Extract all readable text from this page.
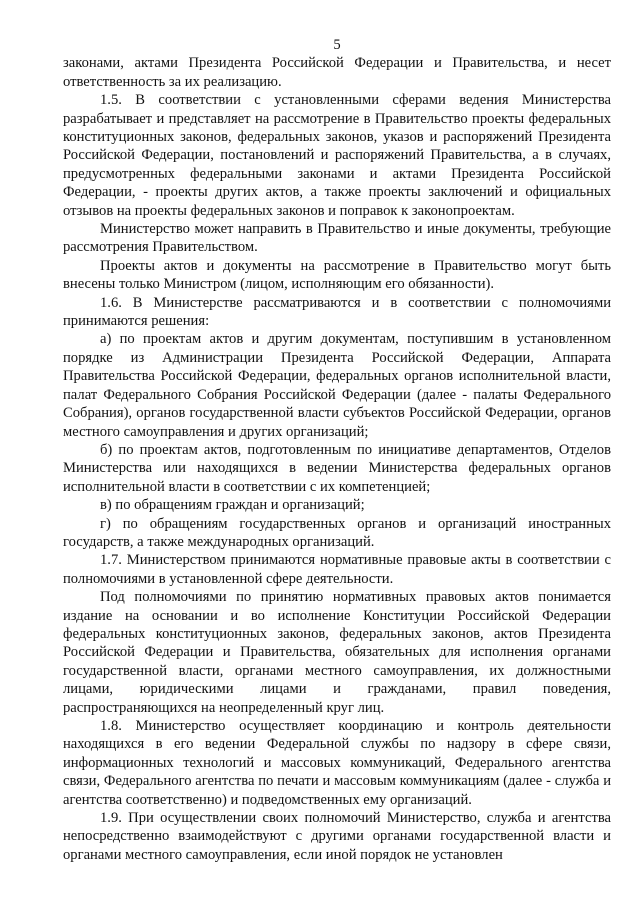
5

законами, актами Президента Российской Федерации и Правительства, и несет ответственность за их реализацию.

1.5. В соответствии с установленными сферами ведения Министерства разрабатывает и представляет на рассмотрение в Правительство проекты федеральных конституционных законов, федеральных законов, указов и распоряжений Президента Российской Федерации, постановлений и распоряжений Правительства, а в случаях, предусмотренных федеральными законами и актами Президента Российской Федерации, - проекты других актов, а также проекты заключений и официальных отзывов на проекты федеральных законов и поправок к законопроектам.

Министерство может направить в Правительство и иные документы, требующие рассмотрения Правительством.

Проекты актов и документы на рассмотрение в Правительство могут быть внесены только Министром (лицом, исполняющим его обязанности).

1.6. В Министерстве рассматриваются и в соответствии с полномочиями принимаются решения:

а) по проектам актов и другим документам, поступившим в установленном порядке из Администрации Президента Российской Федерации, Аппарата Правительства Российской Федерации, федеральных органов исполнительной власти, палат Федерального Собрания Российской Федерации (далее - палаты Федерального Собрания), органов государственной власти субъектов Российской Федерации, органов местного самоуправления и других организаций;

б) по проектам актов, подготовленным по инициативе департаментов, Отделов Министерства или находящихся в ведении Министерства федеральных органов исполнительной власти в соответствии с их компетенцией;

в) по обращениям граждан и организаций;

г) по обращениям государственных органов и организаций иностранных государств, а также международных организаций.

1.7. Министерством принимаются нормативные правовые акты в соответствии с полномочиями в установленной сфере деятельности.

Под полномочиями по принятию нормативных правовых актов понимается издание на основании и во исполнение Конституции Российской Федерации федеральных конституционных законов, федеральных законов, актов Президента Российской Федерации и Правительства, обязательных для исполнения органами государственной власти, органами местного самоуправления, их должностными лицами, юридическими лицами и гражданами, правил поведения, распространяющихся на неопределенный круг лиц.

1.8. Министерство осуществляет координацию и контроль деятельности находящихся в его ведении Федеральной службы по надзору в сфере связи, информационных технологий и массовых коммуникаций, Федерального агентства связи, Федерального агентства по печати и массовым коммуникациям (далее - служба и агентства соответственно) и подведомственных ему организаций.

1.9. При осуществлении своих полномочий Министерство, служба и агентства непосредственно взаимодействуют с другими органами государственной власти и органами местного самоуправления, если иной порядок не установлен
